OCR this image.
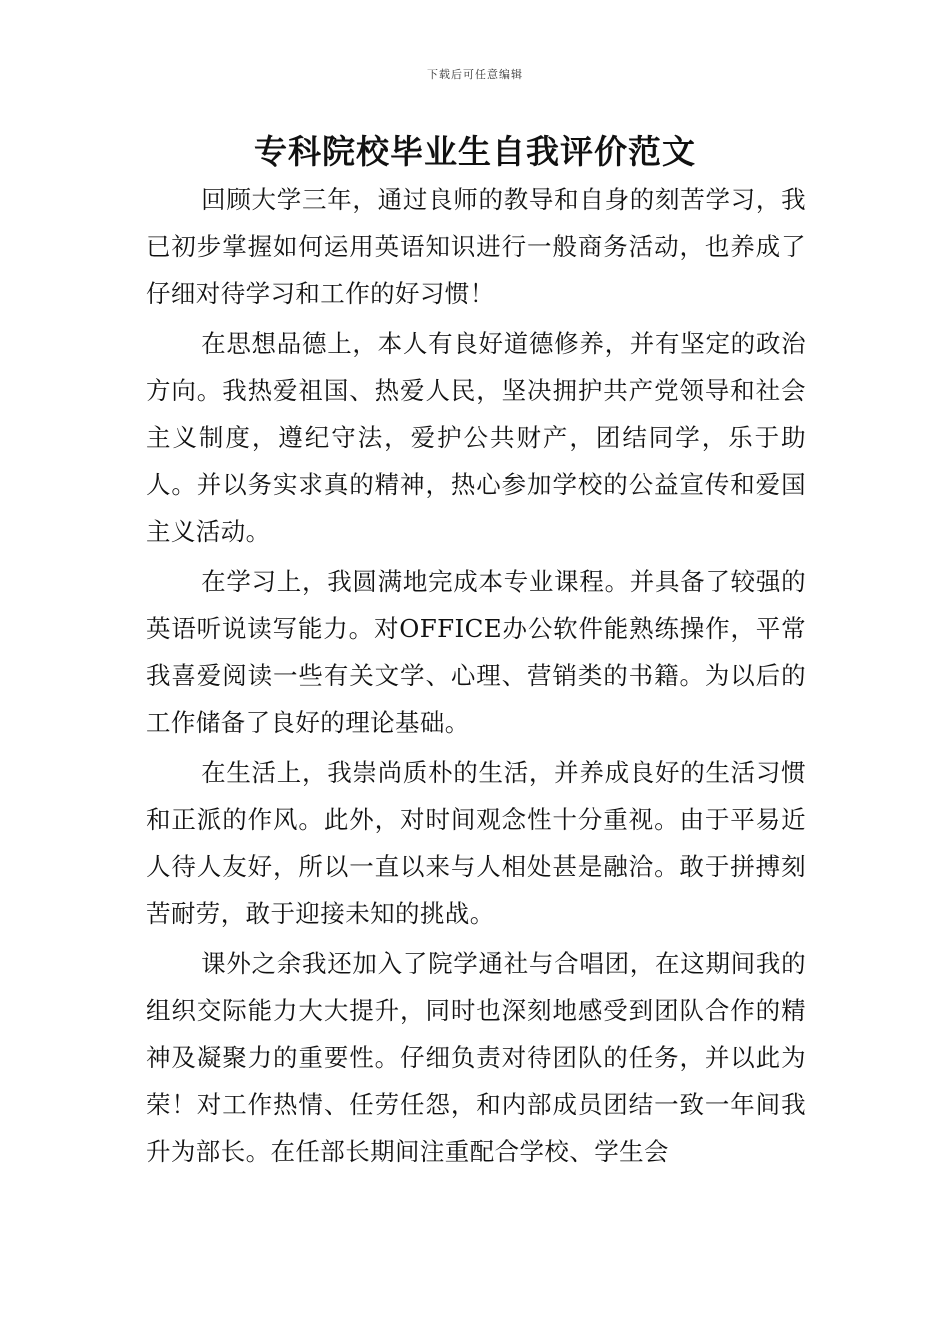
下载后可任意编辑
专科院校毕业生自我评价范文

回顾大学三年，通过良师的教导和自身的刻苦学习，我已初步掌握如何运用英语知识进行一般商务活动，也养成了仔细对待学习和工作的好习惯！

在思想品德上，本人有良好道德修养，并有坚定的政治方向。我热爱祖国、热爱人民，坚决拥护共产党领导和社会主义制度，遵纪守法，爱护公共财产，团结同学，乐于助人。并以务实求真的精神，热心参加学校的公益宣传和爱国主义活动。

在学习上，我圆满地完成本专业课程。并具备了较强的英语听说读写能力。对OFFICE办公软件能熟练操作，平常我喜爱阅读一些有关文学、心理、营销类的书籍。为以后的工作储备了良好的理论基础。

在生活上，我崇尚质朴的生活，并养成良好的生活习惯和正派的作风。此外，对时间观念性十分重视。由于平易近人待人友好，所以一直以来与人相处甚是融洽。敢于拼搏刻苦耐劳，敢于迎接未知的挑战。

课外之余我还加入了院学通社与合唱团，在这期间我的组织交际能力大大提升，同时也深刻地感受到团队合作的精神及凝聚力的重要性。仔细负责对待团队的任务，并以此为荣！对工作热情、任劳任怨，和内部成员团结一致一年间我升为部长。在任部长期间注重配合学校、学生会
